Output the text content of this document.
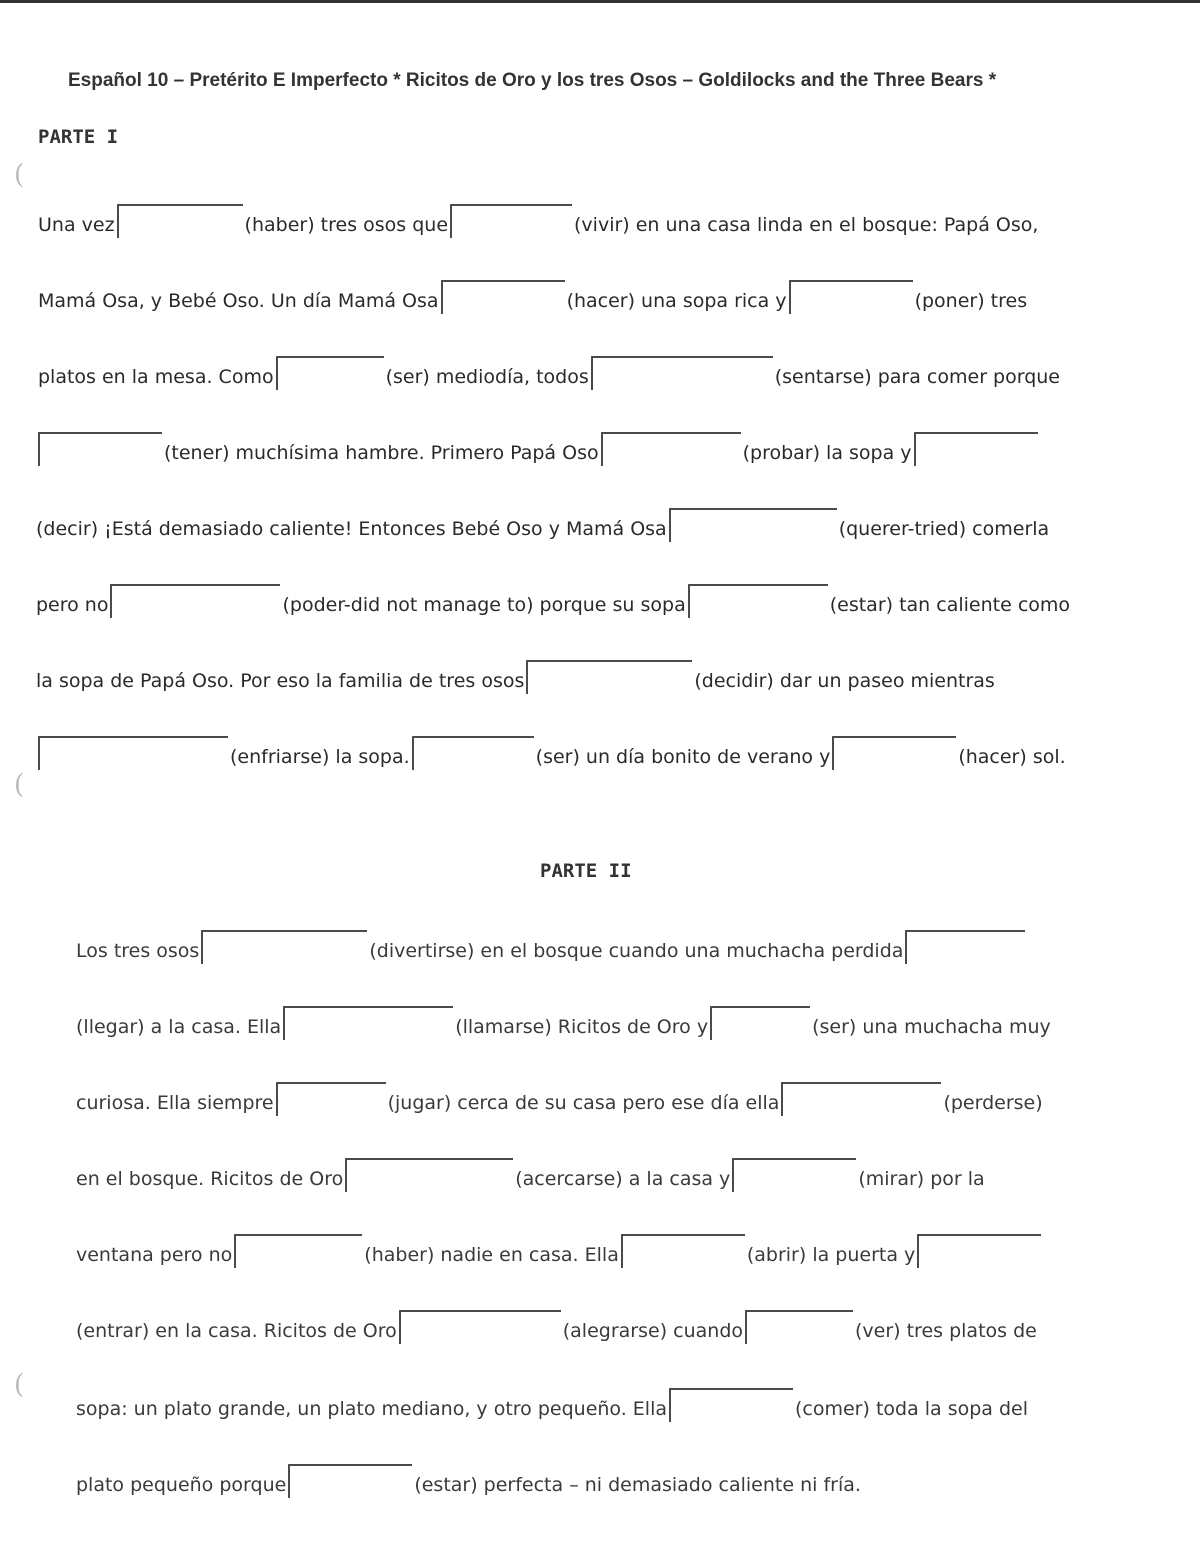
(
(
(
Español 10 – Pretérito E Imperfecto * Ricitos de Oro y los tres Osos – Goldilocks and the Three Bears *
PARTE I
Una vez	(haber) tres osos que	(vivir) en una casa linda en el bosque: Papá Oso,
Mamá Osa, y Bebé Oso. Un día Mamá Osa	(hacer) una sopa rica y	(poner) tres
platos en la mesa. Como	(ser) mediodía, todos	(sentarse) para comer porque
(tener) muchísima hambre. Primero Papá Oso	(probar) la sopa y
(decir) ¡Está demasiado caliente! Entonces Bebé Oso y Mamá Osa	(querer-tried) comerla
pero no	(poder-did not manage to) porque su sopa	(estar) tan caliente como
la sopa de Papá Oso. Por eso la familia de tres osos	(decidir) dar un paseo mientras
(enfriarse) la sopa.	(ser) un día bonito de verano y	(hacer) sol.
PARTE II
Los tres osos	(divertirse) en el bosque cuando una muchacha perdida
(llegar) a la casa. Ella	(llamarse) Ricitos de Oro y	(ser) una muchacha muy
curiosa. Ella siempre	(jugar) cerca de su casa pero ese día ella	(perderse)
en el bosque. Ricitos de Oro	(acercarse) a la casa y	(mirar) por la
ventana pero no	(haber) nadie en casa. Ella	(abrir) la puerta y
(entrar) en la casa. Ricitos de Oro	(alegrarse) cuando	(ver) tres platos de
sopa: un plato grande, un plato mediano, y otro pequeño. Ella	(comer) toda la sopa del
plato pequeño porque	(estar) perfecta – ni demasiado caliente ni fría.
